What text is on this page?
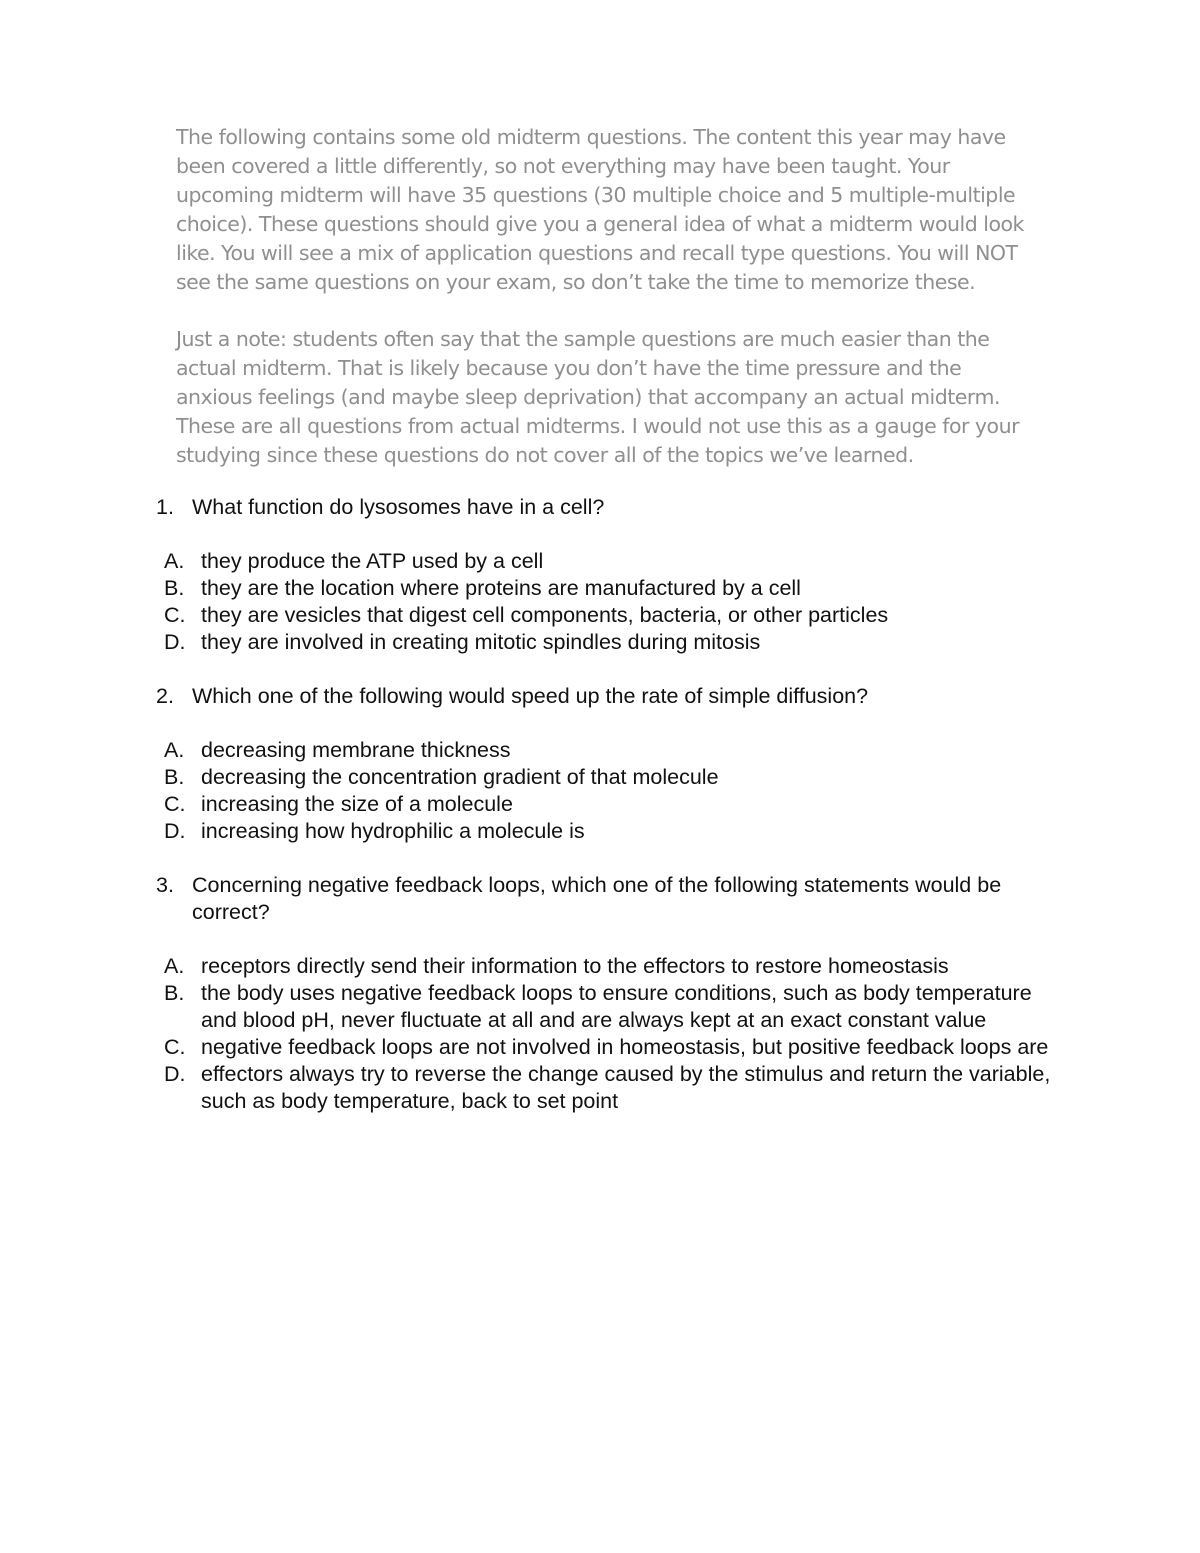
The following contains some old midterm questions. The content this year may have been covered a little differently, so not everything may have been taught. Your upcoming midterm will have 35 questions (30 multiple choice and 5 multiple-multiple choice). These questions should give you a general idea of what a midterm would look like. You will see a mix of application questions and recall type questions. You will NOT see the same questions on your exam, so don’t take the time to memorize these.

Just a note: students often say that the sample questions are much easier than the actual midterm. That is likely because you don’t have the time pressure and the anxious feelings (and maybe sleep deprivation) that accompany an actual midterm. These are all questions from actual midterms. I would not use this as a gauge for your studying since these questions do not cover all of the topics we’ve learned.

1. What function do lysosomes have in a cell?
A. they produce the ATP used by a cell
B. they are the location where proteins are manufactured by a cell
C. they are vesicles that digest cell components, bacteria, or other particles
D. they are involved in creating mitotic spindles during mitosis
2. Which one of the following would speed up the rate of simple diffusion?
A. decreasing membrane thickness
B. decreasing the concentration gradient of that molecule
C. increasing the size of a molecule
D. increasing how hydrophilic a molecule is
3. Concerning negative feedback loops, which one of the following statements would be correct?
A. receptors directly send their information to the effectors to restore homeostasis
B. the body uses negative feedback loops to ensure conditions, such as body temperature and blood pH, never fluctuate at all and are always kept at an exact constant value
C. negative feedback loops are not involved in homeostasis, but positive feedback loops are
D. effectors always try to reverse the change caused by the stimulus and return the variable, such as body temperature, back to set point
